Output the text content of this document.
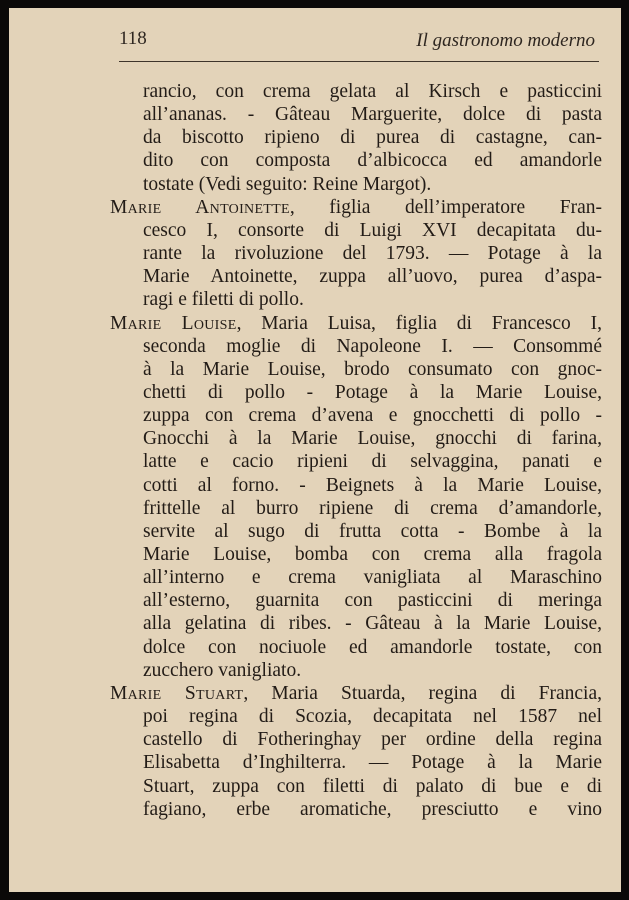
118	Il gastronomo moderno
rancio, con crema gelata al Kirsch e pasticcini
all’ananas. - Gâteau Marguerite, dolce di pasta
da biscotto ripieno di purea di castagne, can-
dito con composta d’albicocca ed amandorle
tostate (Vedi seguito: Reine Margot).
Marie Antoinette, figlia dell’imperatore Fran-
cesco I, consorte di Luigi XVI decapitata du-
rante la rivoluzione del 1793. — Potage à la
Marie Antoinette, zuppa all’uovo, purea d’aspa-
ragi e filetti di pollo.
Marie Louise, Maria Luisa, figlia di Francesco I,
seconda moglie di Napoleone I. — Consommé
à la Marie Louise, brodo consumato con gnoc-
chetti di pollo - Potage à la Marie Louise,
zuppa con crema d’avena e gnocchetti di pollo -
Gnocchi à la Marie Louise, gnocchi di farina,
latte e cacio ripieni di selvaggina, panati e
cotti al forno. - Beignets à la Marie Louise,
frittelle al burro ripiene di crema d’amandorle,
servite al sugo di frutta cotta - Bombe à la
Marie Louise, bomba con crema alla fragola
all’interno e crema vanigliata al Maraschino
all’esterno, guarnita con pasticcini di meringa
alla gelatina di ribes. - Gâteau à la Marie Louise,
dolce con nociuole ed amandorle tostate, con
zucchero vanigliato.
Marie Stuart, Maria Stuarda, regina di Francia,
poi regina di Scozia, decapitata nel 1587 nel
castello di Fotheringhay per ordine della regina
Elisabetta d’Inghilterra. — Potage à la Marie
Stuart, zuppa con filetti di palato di bue e di
fagiano, erbe aromatiche, presciutto e vino
